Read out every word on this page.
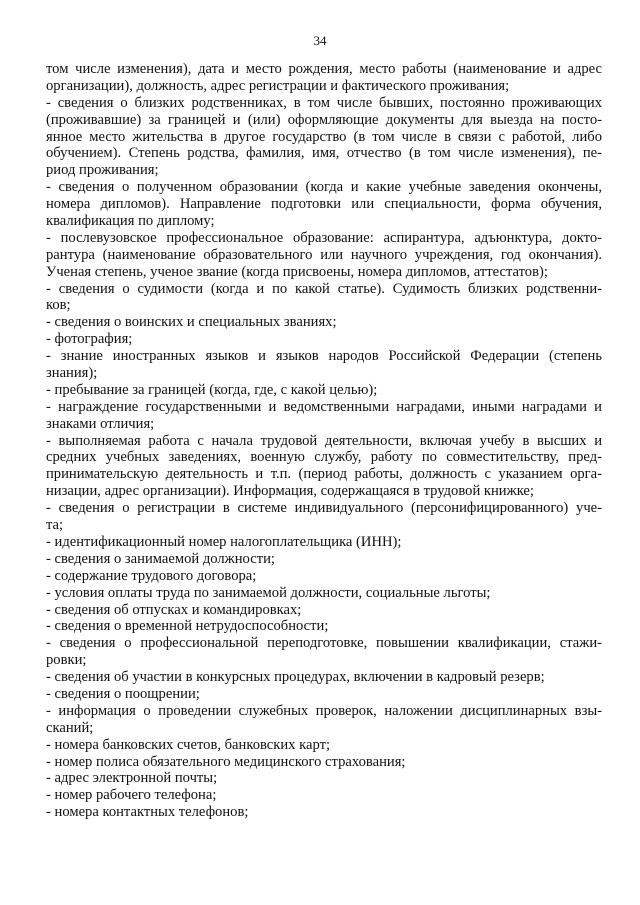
34
том числе изменения), дата и место рождения, место работы (наименование и адрес
организации), должность, адрес регистрации и фактического проживания;
- сведения о близких родственниках, в том числе бывших, постоянно проживающих
(проживавшие) за границей и (или) оформляющие документы для выезда на посто-
янное место жительства в другое государство (в том числе в связи с работой, либо
обучением). Степень родства, фамилия, имя, отчество (в том числе изменения), пе-
риод проживания;
- сведения о полученном образовании (когда и какие учебные заведения окончены,
номера дипломов). Направление подготовки или специальности, форма обучения,
квалификация по диплому;
- послевузовское профессиональное образование: аспирантура, адъюнктура, докто-
рантура (наименование образовательного или научного учреждения, год окончания).
Ученая степень, ученое звание (когда присвоены, номера дипломов, аттестатов);
- сведения о судимости (когда и по какой статье). Судимость близких родственни-
ков;
- сведения о воинских и специальных званиях;
- фотография;
- знание иностранных языков и языков народов Российской Федерации (степень
знания);
- пребывание за границей (когда, где, с какой целью);
- награждение государственными и ведомственными наградами, иными наградами и
знаками отличия;
- выполняемая работа с начала трудовой деятельности, включая учебу в высших и
средних учебных заведениях, военную службу, работу по совместительству, пред-
принимательскую деятельность и т.п. (период работы, должность с указанием орга-
низации, адрес организации). Информация, содержащаяся в трудовой книжке;
- сведения о регистрации в системе индивидуального (персонифицированного) уче-
та;
- идентификационный номер налогоплательщика (ИНН);
- сведения о занимаемой должности;
- содержание трудового договора;
- условия оплаты труда по занимаемой должности, социальные льготы;
- сведения об отпусках и командировках;
- сведения о временной нетрудоспособности;
- сведения о профессиональной переподготовке, повышении квалификации, стажи-
ровки;
- сведения об участии в конкурсных процедурах, включении в кадровый резерв;
- сведения о поощрении;
- информация о проведении служебных проверок, наложении дисциплинарных взы-
сканий;
- номера банковских счетов, банковских карт;
- номер полиса обязательного медицинского страхования;
- адрес электронной почты;
- номер рабочего телефона;
- номера контактных телефонов;
